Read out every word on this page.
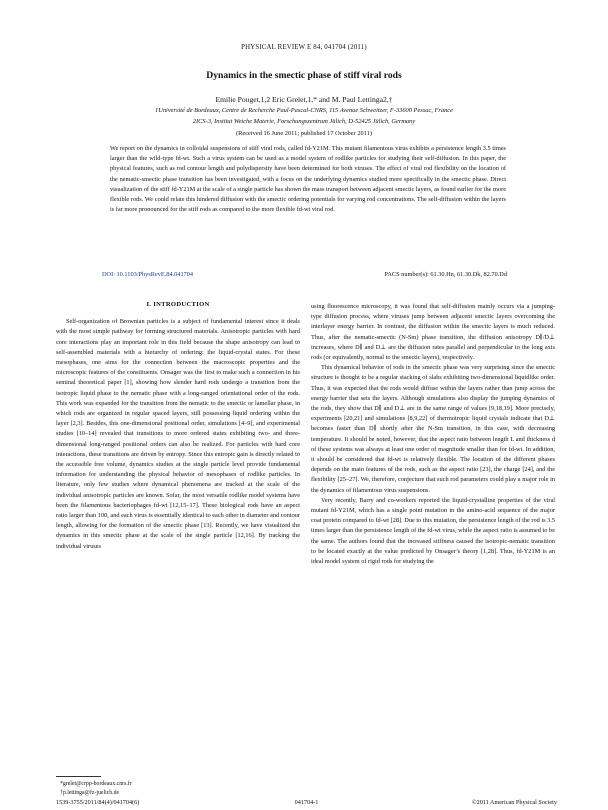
PHYSICAL REVIEW E 84, 041704 (2011)
Dynamics in the smectic phase of stiff viral rods
Emilie Pouget,1,2 Eric Grelet,1,* and M. Paul Lettinga2,†
1Université de Bordeaux, Centre de Recherche Paul-Pascal-CNRS, 115 Avenue Schweitzer, F-33600 Pessac, France
2ICS-3, Institut Weiche Materie, Forschungszentrum Jülich, D-52425 Jülich, Germany
(Received 16 June 2011; published 17 October 2011)
We report on the dynamics in colloidal suspensions of stiff viral rods, called fd-Y21M. This mutant filamentous virus exhibits a persistence length 3.5 times larger than the wild-type fd-wt. Such a virus system can be used as a model system of rodlike particles for studying their self-diffusion. In this paper, the physical features, such as rod contour length and polydispersity have been determined for both viruses. The effect of viral rod flexibility on the location of the nematic-smectic phase transition has been investigated, with a focus on the underlying dynamics studied more specifically in the smectic phase. Direct visualization of the stiff fd-Y21M at the scale of a single particle has shown the mass transport between adjacent smectic layers, as found earlier for the more flexible rods. We could relate this hindered diffusion with the smectic ordering potentials for varying rod concentrations. The self-diffusion within the layers is far more pronounced for the stiff rods as compared to the more flexible fd-wt viral rod.
DOI: 10.1103/PhysRevE.84.041704	PACS number(s): 61.30.Hn, 61.30.Dk, 82.70.Dd
I. INTRODUCTION

Self-organization of Brownian particles is a subject of fundamental interest since it deals with the most simple pathway for forming structured materials. Anisotropic particles with hard core interactions play an important role in this field because the shape anisotropy can lead to self-assembled materials with a hierarchy of ordering: the liquid-crystal states. For these mesophases, one aims for the connection between the macroscopic properties and the microscopic features of the constituents. Onsager was the first to make such a connection in his seminal theoretical paper [1], showing how slender hard rods undergo a transition from the isotropic liquid phase to the nematic phase with a long-ranged orientational order of the rods. This work was expanded for the transition from the nematic to the smectic or lamellar phase, in which rods are organized in regular spaced layers, still possessing liquid ordering within the layer [2,3]. Besides, this one-dimensional positional order, simulations [4–9], and experimental studies [10–14] revealed that transitions to more ordered states exhibiting two- and three-dimensional long-ranged positional orders can also be realized. For particles with hard core interactions, these transitions are driven by entropy. Since this entropic gain is directly related to the accessible free volume, dynamics studies at the single particle level provide fundamental information for understanding the physical behavior of mesophases of rodlike particles. In literature, only few studies where dynamical phenomena are tracked at the scale of the individual anisotropic particles are known. Sofar, the most versatile rodlike model systems have been the filamentous bacteriophages fd-wt [12,15–17]. These biological rods have an aspect ratio larger than 100, and each virus is essentially identical to each other in diameter and contour length, allowing for the formation of the smectic phase [13]. Recently, we have visualized the dynamics in this smectic phase at the scale of the single particle [12,16]. By tracking the individual viruses

using fluorescence microscopy, it was found that self-diffusion mainly occurs via a jumping-type diffusion process, where viruses jump between adjacent smectic layers overcoming the interlayer energy barrier. In contrast, the diffusion within the smectic layers is much reduced. Thus, after the nematic-smectic (N-Sm) phase transition, the diffusion anisotropy D∥/D⊥ increases, where D∥ and D⊥ are the diffusion rates parallel and perpendicular to the long axis rods (or equivalently, normal to the smectic layers), respectively.

This dynamical behavior of rods in the smectic phase was very surprising since the smectic structure is thought to be a regular stacking of slabs exhibiting two-dimensional liquidlike order. Thus, it was expected that the rods would diffuse within the layers rather than jump across the energy barrier that sets the layers. Although simulations also display the jumping dynamics of the rods, they show that D∥ and D⊥ are in the same range of values [9,18,19]. More precisely, experiments [20,21] and simulations [8,9,22] of thermotropic liquid crystals indicate that D⊥ becomes faster than D∥ shortly after the N-Sm transition, in this case, with decreasing temperature. It should be noted, however, that the aspect ratio between length L and thickness d of these systems was always at least one order of magnitude smaller than for fd-wt. In addition, it should be considered that fd-wt is relatively flexible. The location of the different phases depends on the main features of the rods, such as the aspect ratio [23], the charge [24], and the flexibility [25–27]. We, therefore, conjecture that such rod parameters could play a major role in the dynamics of filamentous virus suspensions.

Very recently, Barry and co-workers reported the liquid-crystalline properties of the viral mutant fd-Y21M, which has a single point mutation in the amino-acid sequence of the major coat protein compared to fd-wt [28]. Due to this mutation, the persistence length of the rod is 3.5 times larger than the persistence length of the fd-wt virus, while the aspect ratio is assumed to be the same. The authors found that the increased stiffness caused the isotropic-nematic transition to be located exactly at the value predicted by Onsager’s theory [1,28]. Thus, fd-Y21M is an ideal model system of rigid rods for studying the

*grelet@crpp-bordeaux.cnrs.fr
†p.lettinga@fz-juelich.de
1539-3755/2011/84(4)/041704(6)	041704-1	©2011 American Physical Society
